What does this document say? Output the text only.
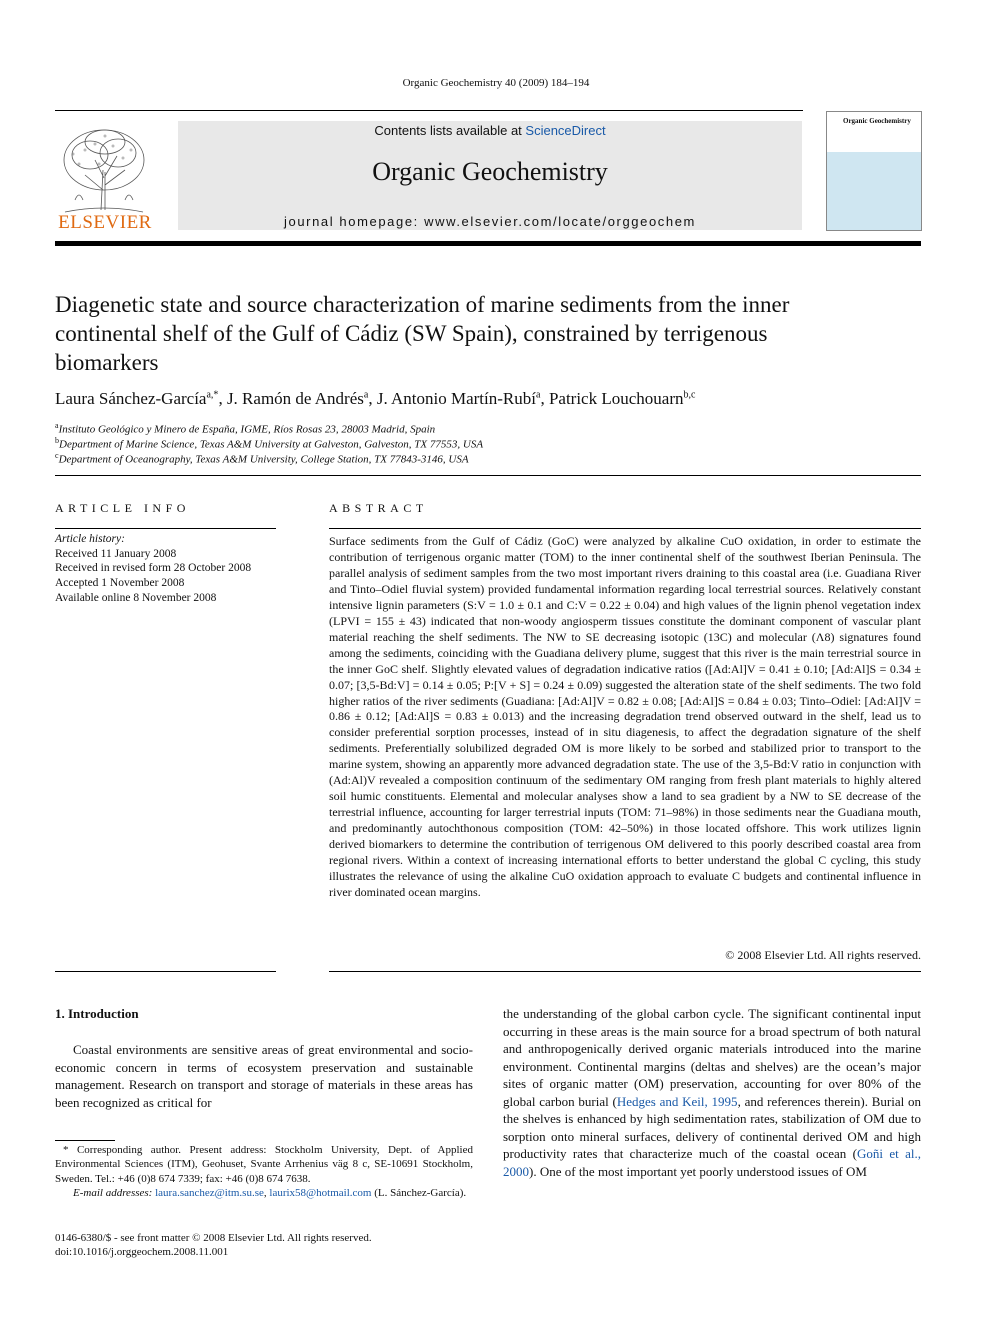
Organic Geochemistry 40 (2009) 184–194
ELSEVIER
Contents lists available at ScienceDirect
Organic Geochemistry
journal homepage: www.elsevier.com/locate/orggeochem
Organic Geochemistry
Diagenetic state and source characterization of marine sediments from the inner continental shelf of the Gulf of Cádiz (SW Spain), constrained by terrigenous biomarkers
Laura Sánchez-García$^{a,*}$, J. Ramón de Andrés$^a$, J. Antonio Martín-Rubí$^a$, Patrick Louchouarn$^{b,c}$
$^a$Instituto Geológico y Minero de España, IGME, Ríos Rosas 23, 28003 Madrid, Spain
$^b$Department of Marine Science, Texas A&M University at Galveston, Galveston, TX 77553, USA
$^c$Department of Oceanography, Texas A&M University, College Station, TX 77843-3146, USA
ARTICLE INFO	ABSTRACT
Article history:
Received 11 January 2008
Received in revised form 28 October 2008
Accepted 1 November 2008
Available online 8 November 2008
Surface sediments from the Gulf of Cádiz (GoC) were analyzed by alkaline CuO oxidation, in order to estimate the contribution of terrigenous organic matter (TOM) to the inner continental shelf of the southwest Iberian Peninsula. The parallel analysis of sediment samples from the two most important rivers draining to this coastal area (i.e. Guadiana River and Tinto–Odiel fluvial system) provided fundamental information regarding local terrestrial sources. Relatively constant intensive lignin parameters (S:V = 1.0 ± 0.1 and C:V = 0.22 ± 0.04) and high values of the lignin phenol vegetation index (LPVI = 155 ± 43) indicated that non-woody angiosperm tissues constitute the dominant component of vascular plant material reaching the shelf sediments. The NW to SE decreasing isotopic (13C) and molecular (Λ8) signatures found among the sediments, coinciding with the Guadiana delivery plume, suggest that this river is the main terrestrial source in the inner GoC shelf. Slightly elevated values of degradation indicative ratios ([Ad:Al]V = 0.41 ± 0.10; [Ad:Al]S = 0.34 ± 0.07; [3,5-Bd:V] = 0.14 ± 0.05; P:[V + S] = 0.24 ± 0.09) suggested the alteration state of the shelf sediments. The two fold higher ratios of the river sediments (Guadiana: [Ad:Al]V = 0.82 ± 0.08; [Ad:Al]S = 0.84 ± 0.03; Tinto–Odiel: [Ad:Al]V = 0.86 ± 0.12; [Ad:Al]S = 0.83 ± 0.013) and the increasing degradation trend observed outward in the shelf, lead us to consider preferential sorption processes, instead of in situ diagenesis, to affect the degradation signature of the shelf sediments. Preferentially solubilized degraded OM is more likely to be sorbed and stabilized prior to transport to the marine system, showing an apparently more advanced degradation state. The use of the 3,5-Bd:V ratio in conjunction with (Ad:Al)V revealed a composition continuum of the sedimentary OM ranging from fresh plant materials to highly altered soil humic constituents. Elemental and molecular analyses show a land to sea gradient by a NW to SE decrease of the terrestrial influence, accounting for larger terrestrial inputs (TOM: 71–98%) in those sediments near the Guadiana mouth, and predominantly autochthonous composition (TOM: 42–50%) in those located offshore. This work utilizes lignin derived biomarkers to determine the contribution of terrigenous OM delivered to this poorly described coastal area from regional rivers. Within a context of increasing international efforts to better understand the global C cycling, this study illustrates the relevance of using the alkaline CuO oxidation approach to evaluate C budgets and continental influence in river dominated ocean margins.
© 2008 Elsevier Ltd. All rights reserved.
1. Introduction
Coastal environments are sensitive areas of great environmental and socio-economic concern in terms of ecosystem preservation and sustainable management. Research on transport and storage of materials in these areas has been recognized as critical for
the understanding of the global carbon cycle. The significant continental input occurring in these areas is the main source for a broad spectrum of both natural and anthropogenically derived organic materials introduced into the marine environment. Continental margins (deltas and shelves) are the ocean’s major sites of organic matter (OM) preservation, accounting for over 80% of the global carbon burial (Hedges and Keil, 1995, and references therein). Burial on the shelves is enhanced by high sedimentation rates, stabilization of OM due to sorption onto mineral surfaces, delivery of continental derived OM and high productivity rates that characterize much of the coastal ocean (Goñi et al., 2000). One of the most important yet poorly understood issues of OM
* Corresponding author. Present address: Stockholm University, Dept. of Applied Environmental Sciences (ITM), Geohuset, Svante Arrhenius väg 8 c, SE-10691 Stockholm, Sweden. Tel.: +46 (0)8 674 7339; fax: +46 (0)8 674 7638.
E-mail addresses: laura.sanchez@itm.su.se, laurix58@hotmail.com (L. Sánchez-García).
0146-6380/$ - see front matter © 2008 Elsevier Ltd. All rights reserved.
doi:10.1016/j.orggeochem.2008.11.001
